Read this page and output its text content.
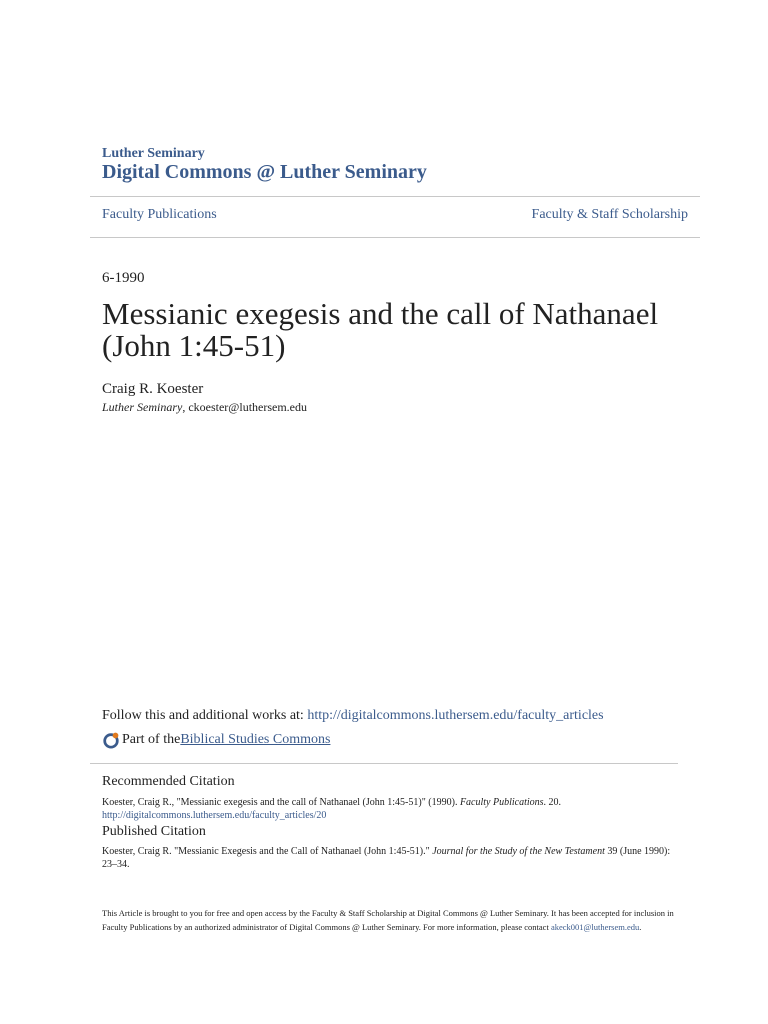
Luther Seminary
Digital Commons @ Luther Seminary
Faculty Publications	Faculty & Staff Scholarship
6-1990
Messianic exegesis and the call of Nathanael (John 1:45-51)
Craig R. Koester
Luther Seminary, ckoester@luthersem.edu
Follow this and additional works at: http://digitalcommons.luthersem.edu/faculty_articles
Part of the Biblical Studies Commons
Recommended Citation
Koester, Craig R., "Messianic exegesis and the call of Nathanael (John 1:45-51)" (1990). Faculty Publications. 20.
http://digitalcommons.luthersem.edu/faculty_articles/20
Published Citation
Koester, Craig R. "Messianic Exegesis and the Call of Nathanael (John 1:45-51)." Journal for the Study of the New Testament 39 (June 1990): 23–34.
This Article is brought to you for free and open access by the Faculty & Staff Scholarship at Digital Commons @ Luther Seminary. It has been accepted for inclusion in Faculty Publications by an authorized administrator of Digital Commons @ Luther Seminary. For more information, please contact akeck001@luthersem.edu.
